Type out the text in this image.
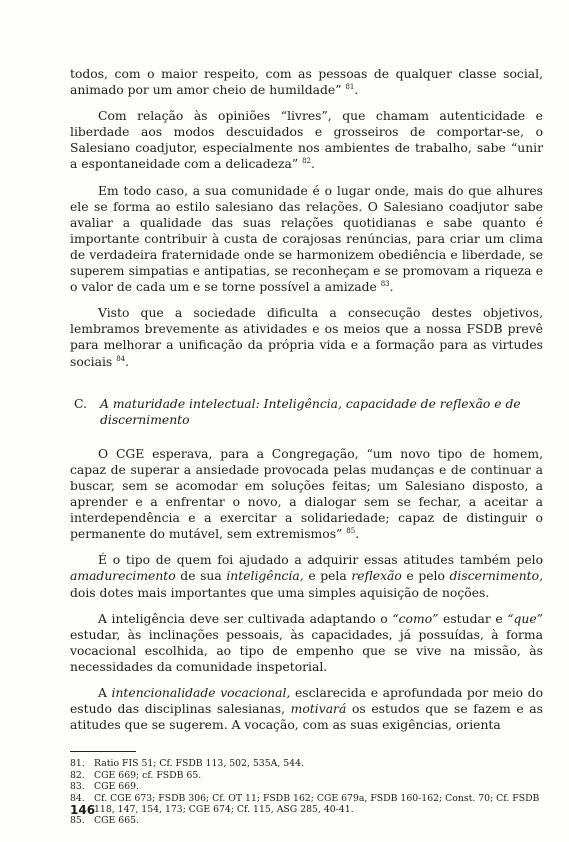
todos, com o maior respeito, com as pessoas de qualquer classe social, animado por um amor cheio de humildade” $^{81}$.

Com relação às opiniões “livres”, que chamam autenticidade e liberdade aos modos descuidados e grosseiros de comportar-se, o Salesiano coadjutor, especialmente nos ambientes de trabalho, sabe “unir a espontaneidade com a delicadeza” $^{82}$.

Em todo caso, a sua comunidade é o lugar onde, mais do que alhures ele se forma ao estilo salesiano das relações. O Salesiano coadjutor sabe avaliar a qualidade das suas relações quotidianas e sabe quanto é importante contribuir à custa de corajosas renúncias, para criar um clima de verdadeira fraternidade onde se harmonizem obediência e liberdade, se superem simpatias e antipatias, se reconheçam e se promovam a riqueza e o valor de cada um e se torne possível a amizade $^{83}$.

Visto que a sociedade dificulta a consecução destes objetivos, lembramos brevemente as atividades e os meios que a nossa FSDB prevê para melhorar a unificação da própria vida e a formação para as virtudes sociais $^{84}$.

C.	A maturidade intelectual: Inteligência, capacidade de reflexão e de discernimento

O CGE esperava, para a Congregação, “um novo tipo de homem, capaz de superar a ansiedade provocada pelas mudanças e de continuar a buscar, sem se acomodar em soluções feitas; um Salesiano disposto, a aprender e a enfrentar o novo, a dialogar sem se fechar, a aceitar a interdependência e a exercitar a solidariedade; capaz de distinguir o permanente do mutável, sem extremismos” $^{85}$.

É o tipo de quem foi ajudado a adquirir essas atitudes também pelo amadurecimento de sua inteligência, e pela reflexão e pelo discernimento, dois dotes mais importantes que uma simples aquisição de noções.

A inteligência deve ser cultivada adaptando o “como” estudar e “que” estudar, às inclinações pessoais, às capacidades, já possuídas, à forma vocacional escolhida, ao tipo de empenho que se vive na missão, às necessidades da comunidade inspetorial.

A intencionalidade vocacional, esclarecida e aprofundada por meio do estudo das disciplinas salesianas, motivará os estudos que se fazem e as atitudes que se sugerem. A vocação, com as suas exigências, orienta

81. Ratio FIS 51; Cf. FSDB 113, 502, 535A, 544.
82. CGE 669; cf. FSDB 65.
83. CGE 669.
84. Cf. CGE 673; FSDB 306; Cf. OT 11; FSDB 162; CGE 679a, FSDB 160-162; Const. 70; Cf. FSDB 118, 147, 154, 173; CGE 674; Cf. 115, ASG 285, 40-41.
85. CGE 665.
146
